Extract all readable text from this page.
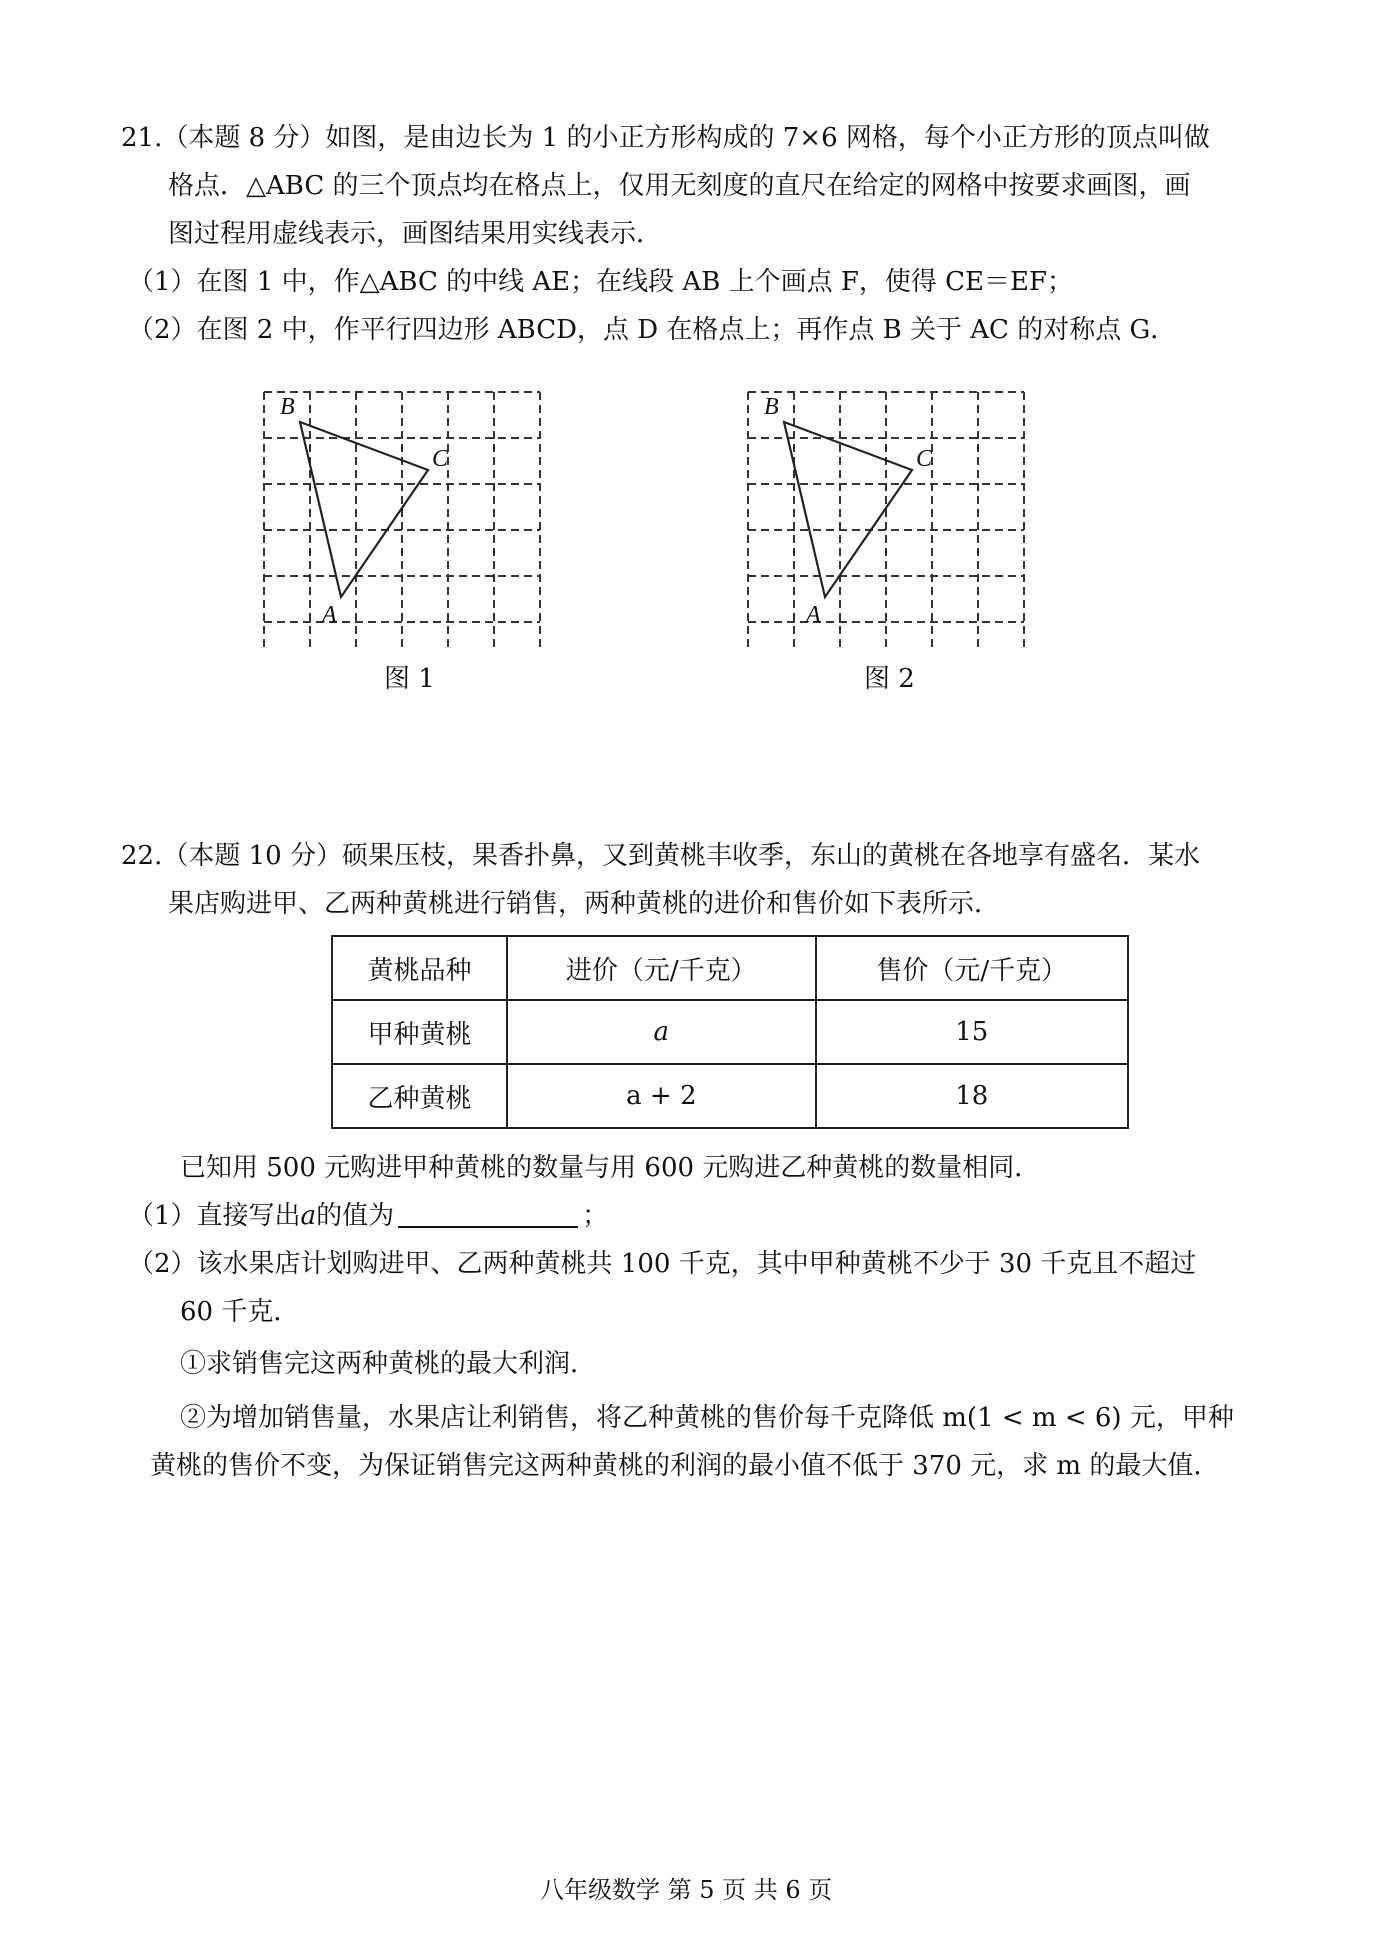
21.（本题 8 分）如图，是由边长为 1 的小正方形构成的 7×6 网格，每个小正方形的顶点叫做
格点．△ABC 的三个顶点均在格点上，仅用无刻度的直尺在给定的网格中按要求画图，画
图过程用虚线表示，画图结果用实线表示．
（1）在图 1 中，作△ABC 的中线 AE；在线段 AB 上个画点 F，使得 CE＝EF；
（2）在图 2 中，作平行四边形 ABCD，点 D 在格点上；再作点 B 关于 AC 的对称点 G．
B
C
A
图 1
B
C
A
图 2
22.（本题 10 分）硕果压枝，果香扑鼻，又到黄桃丰收季，东山的黄桃在各地享有盛名．某水
果店购进甲、乙两种黄桃进行销售，两种黄桃的进价和售价如下表所示．
黄桃品种	进价（元/千克）	售价（元/千克）
甲种黄桃	a	15
乙种黄桃	a + 2	18
已知用 500 元购进甲种黄桃的数量与用 600 元购进乙种黄桃的数量相同．
（1）直接写出a的值为	；
（2）该水果店计划购进甲、乙两种黄桃共 100 千克，其中甲种黄桃不少于 30 千克且不超过
60 千克．
①求销售完这两种黄桃的最大利润．
②为增加销售量，水果店让利销售，将乙种黄桃的售价每千克降低 m(1 < m < 6) 元，甲种
黄桃的售价不变，为保证销售完这两种黄桃的利润的最小值不低于 370 元，求 m 的最大值．
八年级数学 第 5 页 共 6 页
